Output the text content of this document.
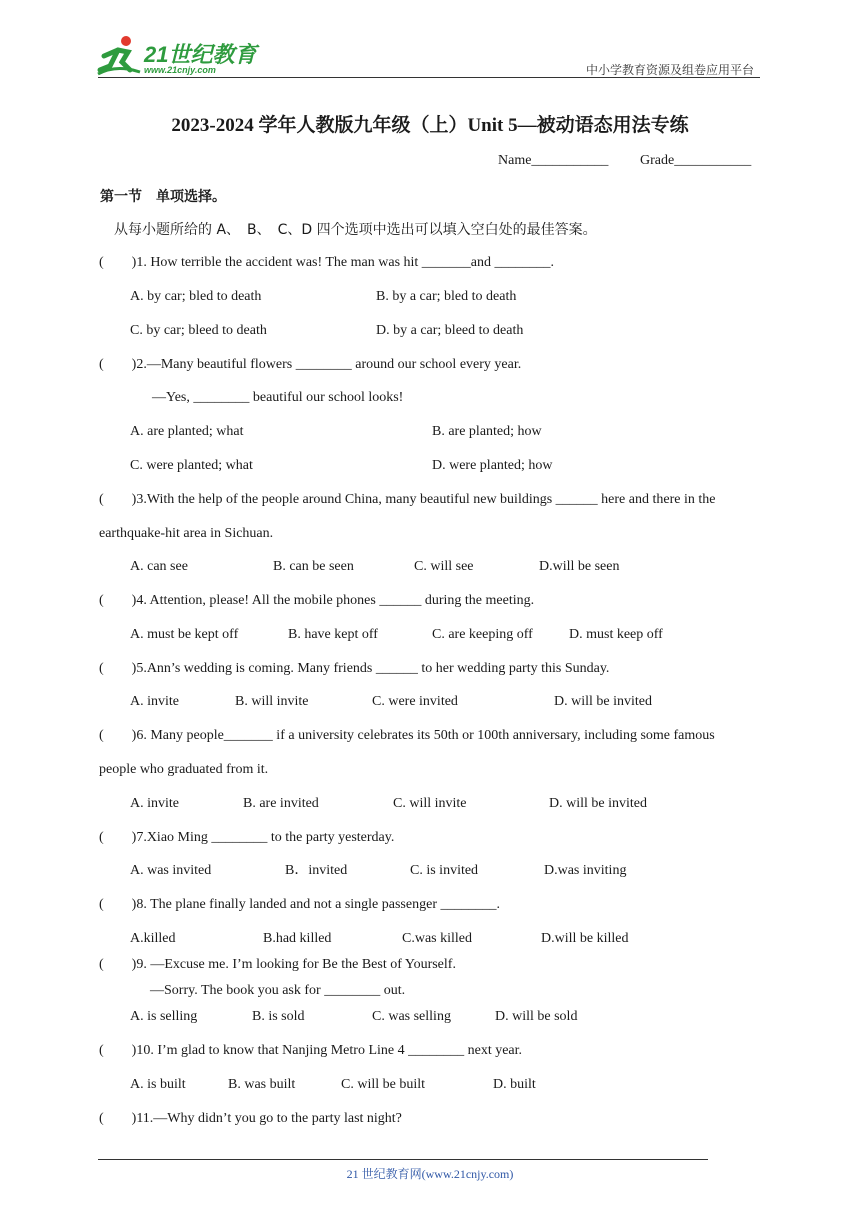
21世纪教育
www.21cnjy.com	中小学教育资源及组卷应用平台
2023-2024 学年人教版九年级（上）Unit 5—被动语态用法专练
Name___________ Grade___________
第一节　单项选择。
从每小题所给的 A、　B、　C、D 四个选项中选出可以填入空白处的最佳答案。
(　　)1. How terrible the accident was! The man was hit _______and ________.
A. by car; bled to death	B. by a car; bled to death
C. by car; bleed to death	D. by a car; bleed to death
(　　)2.—Many beautiful flowers ________ around our school every year.
—Yes, ________ beautiful our school looks!
A. are planted; what	B. are planted; how
C. were planted; what	D. were planted; how
(　　)3.With the help of the people around China, many beautiful new buildings ______ here and there in the
earthquake-hit area in Sichuan.
A. can see	B. can be seen	C. will see	D.will be seen
(　　)4. Attention, please! All the mobile phones ______ during the meeting.
A. must be kept off	B. have kept off	C. are keeping off	D. must keep off
(　　)5.Ann’s wedding is coming. Many friends ______ to her wedding party this Sunday.
A. invite	B. will invite	C. were invited	D. will be invited
(　　)6. Many people_______ if a university celebrates its 50th or 100th anniversary, including some famous
people who graduated from it.
A. invite	B. are invited	C. will invite	D. will be invited
(　　)7.Xiao Ming ________ to the party yesterday.
A. was invited	B．invited	C. is invited	D.was inviting
(　　)8. The plane finally landed and not a single passenger ________.
A.killed	B.had killed	C.was killed	D.will be killed
(　　)9. —Excuse me. I’m looking for Be the Best of Yourself.
—Sorry. The book you ask for ________ out.
A. is selling	B. is sold	C. was selling	D. will be sold
(　　)10. I’m glad to know that Nanjing Metro Line 4 ________ next year.
A. is built	B. was built	C. will be built	D. built
(　　)11.—Why didn’t you go to the party last night?
21 世纪教育网(www.21cnjy.com)
